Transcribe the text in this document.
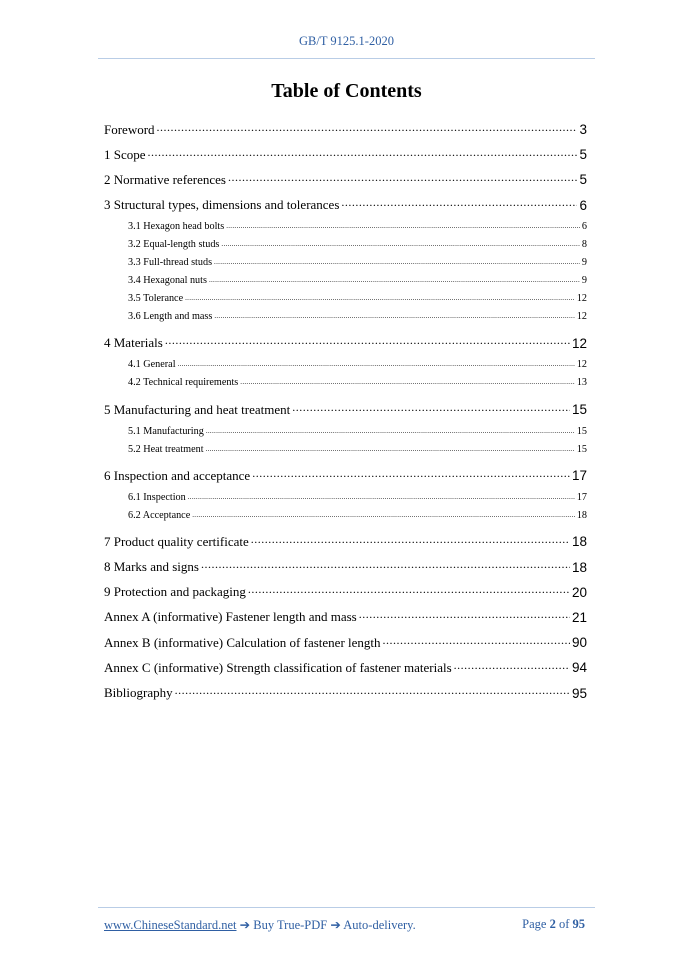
GB/T 9125.1-2020
Table of Contents
Foreword .....	3
1 Scope .....	5
2 Normative references .....	5
3 Structural types, dimensions and tolerances .....	6
3.1 Hexagon head bolts .....	6
3.2 Equal-length studs .....	8
3.3 Full-thread studs .....	9
3.4 Hexagonal nuts .....	9
3.5 Tolerance .....	12
3.6 Length and mass .....	12
4 Materials .....	12
4.1 General .....	12
4.2 Technical requirements .....	13
5 Manufacturing and heat treatment .....	15
5.1 Manufacturing .....	15
5.2 Heat treatment .....	15
6 Inspection and acceptance .....	17
6.1 Inspection .....	17
6.2 Acceptance .....	18
7 Product quality certificate .....	18
8 Marks and signs .....	18
9 Protection and packaging .....	20
Annex A (informative) Fastener length and mass .....	21
Annex B (informative) Calculation of fastener length .....	90
Annex C (informative) Strength classification of fastener materials .....	94
Bibliography .....	95
www.ChineseStandard.net ➔ Buy True-PDF ➔ Auto-delivery.	Page 2 of 95
